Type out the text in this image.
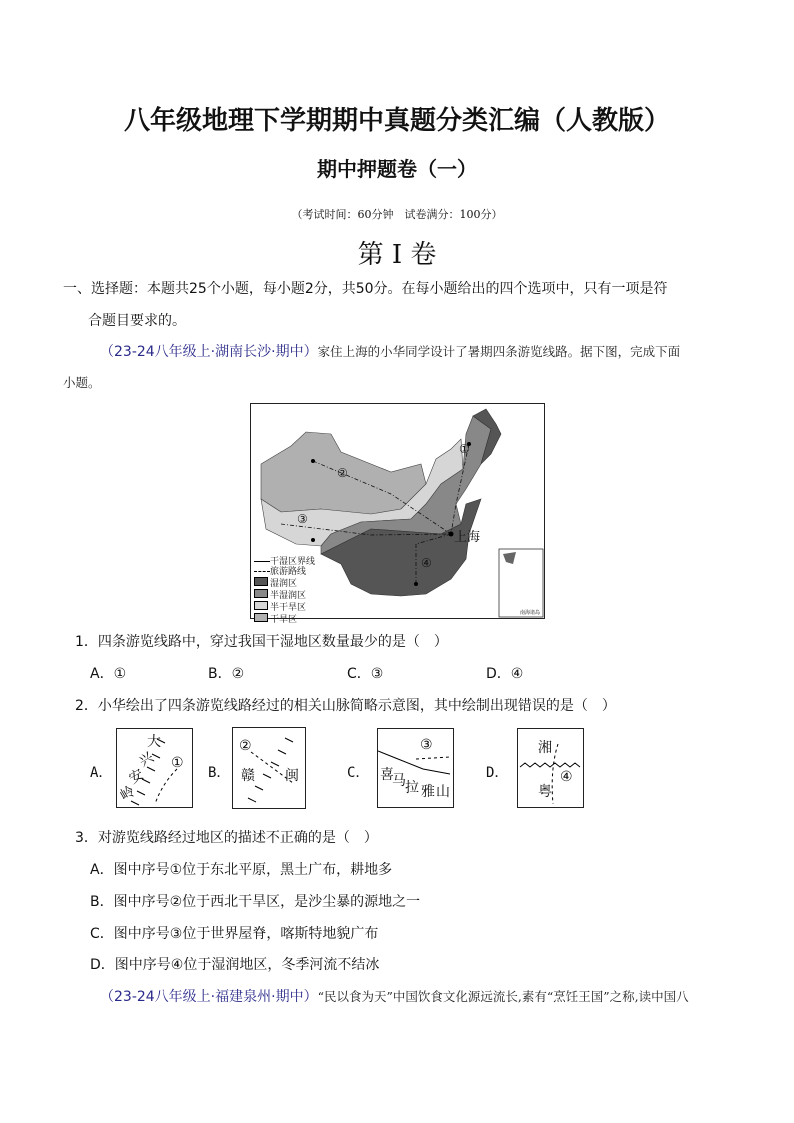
八年级地理下学期期中真题分类汇编（人教版）
期中押题卷（一）
（考试时间：60分钟　试卷满分：100分）
第 I 卷
一、选择题：本题共25个小题，每小题2分，共50分。在每小题给出的四个选项中，只有一项是符
合题目要求的。
（23-24八年级上·湖南长沙·期中）家住上海的小华同学设计了暑期四条游览线路。据下图，完成下面
小题。
上海
①
②
③
④
南海诸岛
干湿区界线
旅游路线
湿润区
半湿润区
半干旱区
干旱区
1．四条游览线路中，穿过我国干湿地区数量最少的是（　）
A．①	B．②	C．③	D．④
2．小华绘出了四条游览线路经过的相关山脉简略示意图，其中绘制出现错误的是（　）
A．
大
兴
安
岭
①
B．
②
赣 闽	C．
③
喜
马 拉 雅 山
D．
湘
粤
④
3．对游览线路经过地区的描述不正确的是（　）
A．图中序号①位于东北平原，黑土广布，耕地多
B．图中序号②位于西北干旱区，是沙尘暴的源地之一
C．图中序号③位于世界屋脊，喀斯特地貌广布
D．图中序号④位于湿润地区，冬季河流不结冰
（23-24八年级上·福建泉州·期中）“民以食为天”中国饮食文化源远流长,素有“烹饪王国”之称,读中国八
